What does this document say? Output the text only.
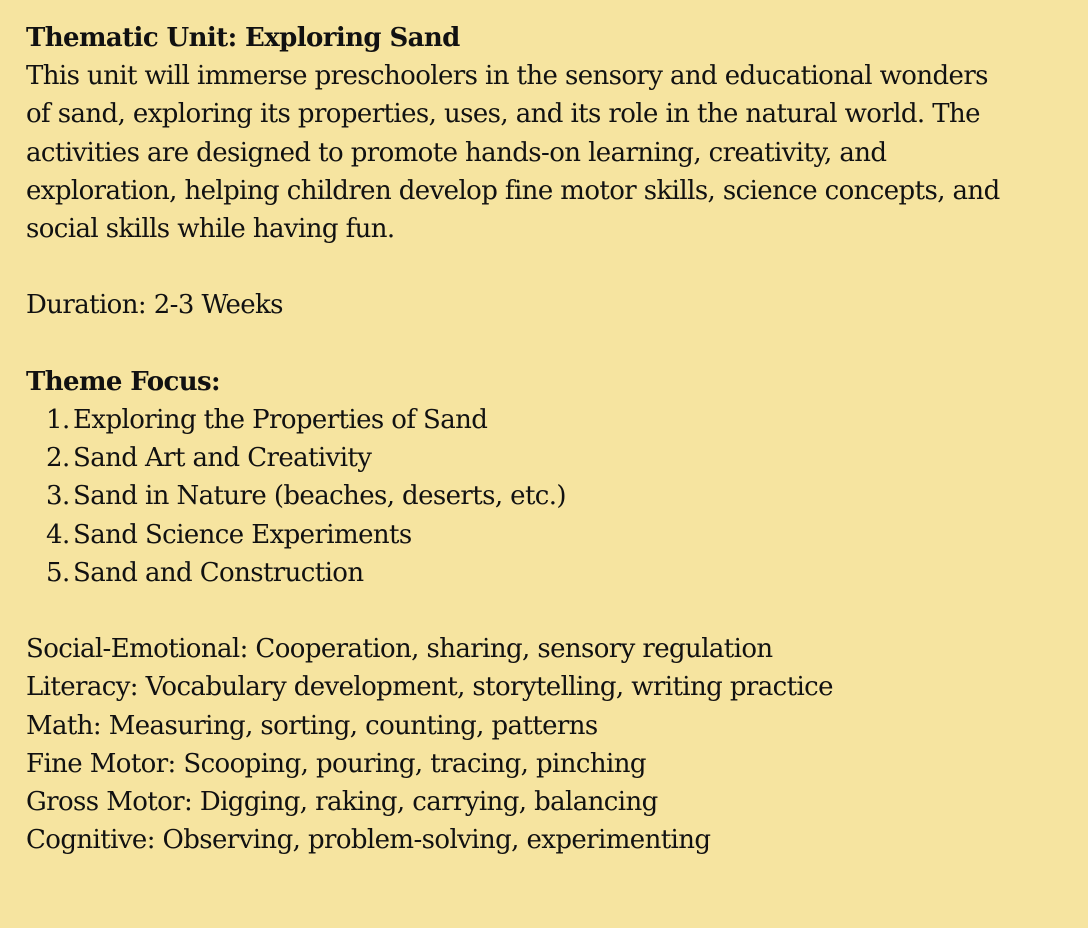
Thematic Unit: Exploring Sand

This unit will immerse preschoolers in the sensory and educational wonders

of sand, exploring its properties, uses, and its role in the natural world. The

activities are designed to promote hands-on learning, creativity, and

exploration, helping children develop fine motor skills, science concepts, and

social skills while having fun.

Duration: 2-3 Weeks

Theme Focus:
1. Exploring the Properties of Sand
2. Sand Art and Creativity
3. Sand in Nature (beaches, deserts, etc.)
4. Sand Science Experiments
5. Sand and Construction

Social-Emotional: Cooperation, sharing, sensory regulation

Literacy: Vocabulary development, storytelling, writing practice

Math: Measuring, sorting, counting, patterns

Fine Motor: Scooping, pouring, tracing, pinching

Gross Motor: Digging, raking, carrying, balancing

Cognitive: Observing, problem-solving, experimenting
